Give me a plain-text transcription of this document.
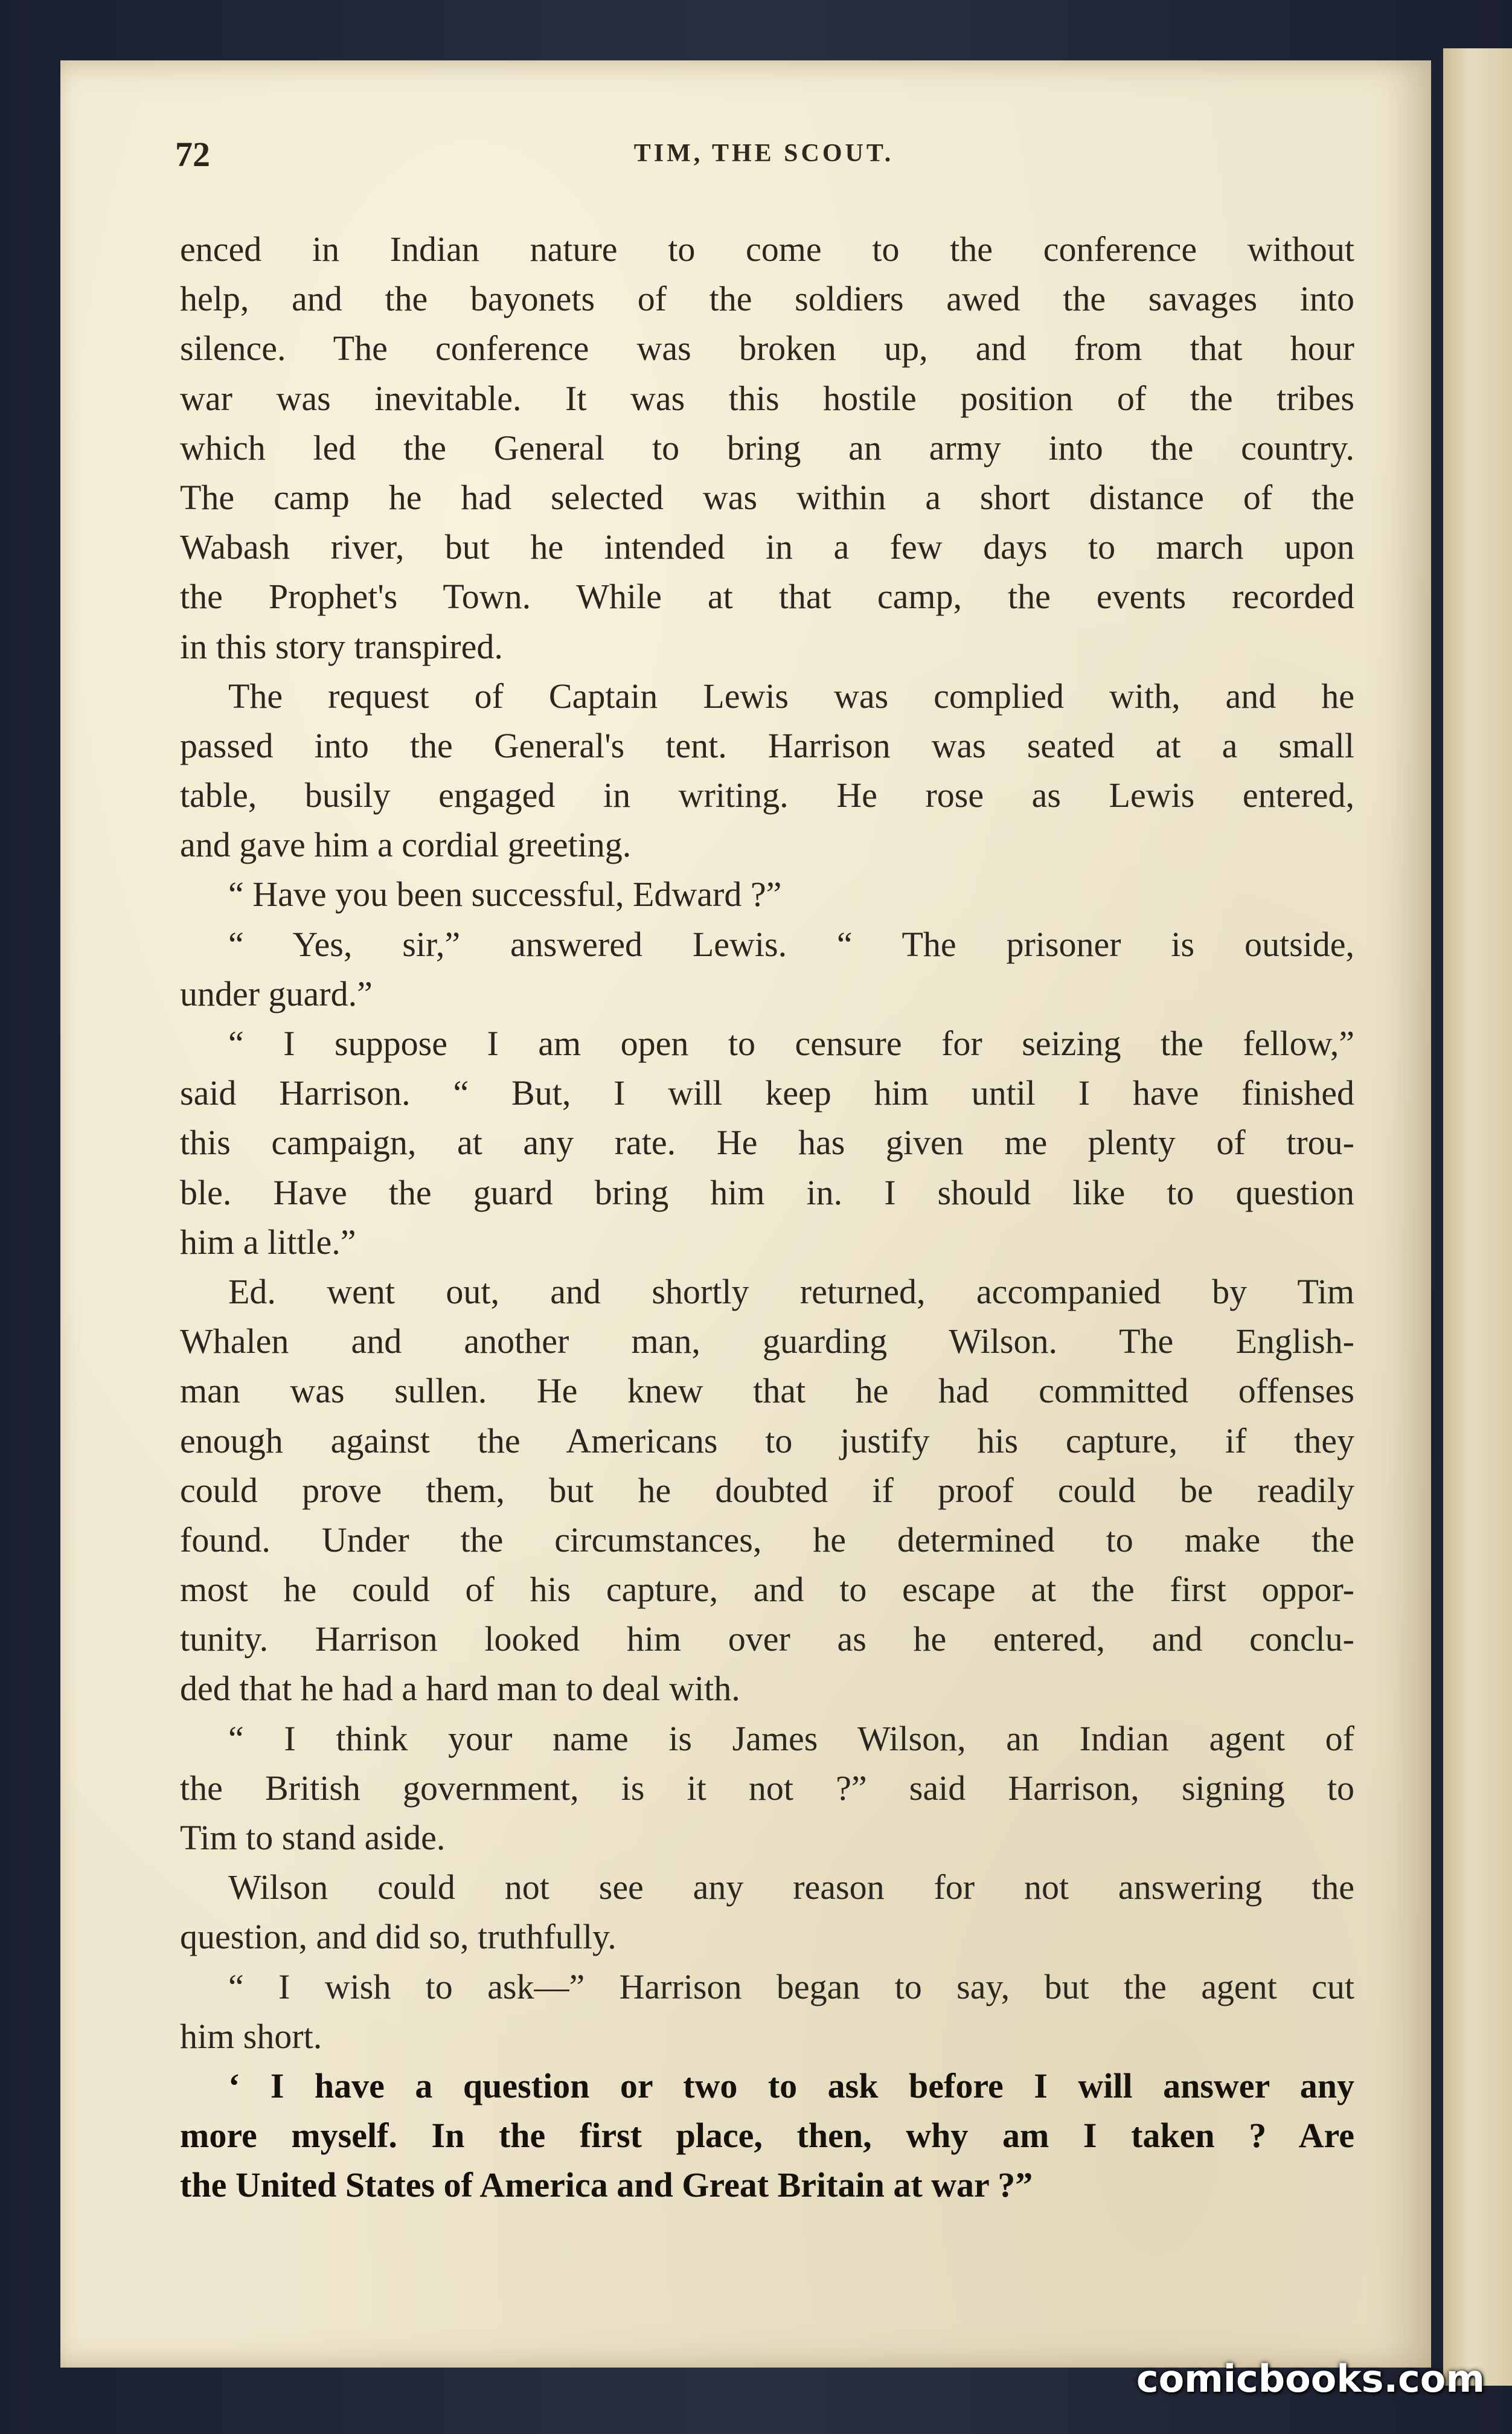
72	TIM, THE SCOUT.
enced in Indian nature to come to the conference without
help, and the bayonets of the soldiers awed the savages into
silence. The conference was broken up, and from that hour
war was inevitable. It was this hostile position of the tribes
which led the General to bring an army into the country.
The camp he had selected was within a short distance of the
Wabash river, but he intended in a few days to march upon
the Prophet's Town. While at that camp, the events recorded
in this story transpired.
The request of Captain Lewis was complied with, and he
passed into the General's tent. Harrison was seated at a small
table, busily engaged in writing. He rose as Lewis entered,
and gave him a cordial greeting.
“ Have you been successful, Edward ?”
“ Yes, sir,” answered Lewis. “ The prisoner is outside,
under guard.”
“ I suppose I am open to censure for seizing the fellow,”
said Harrison. “ But, I will keep him until I have finished
this campaign, at any rate. He has given me plenty of trou-
ble. Have the guard bring him in. I should like to question
him a little.”
Ed. went out, and shortly returned, accompanied by Tim
Whalen and another man, guarding Wilson. The English-
man was sullen. He knew that he had committed offenses
enough against the Americans to justify his capture, if they
could prove them, but he doubted if proof could be readily
found. Under the circumstances, he determined to make the
most he could of his capture, and to escape at the first oppor-
tunity. Harrison looked him over as he entered, and conclu-
ded that he had a hard man to deal with.
“ I think your name is James Wilson, an Indian agent of
the British government, is it not ?” said Harrison, signing to
Tim to stand aside.
Wilson could not see any reason for not answering the
question, and did so, truthfully.
“ I wish to ask—” Harrison began to say, but the agent cut
him short.
‘ I have a question or two to ask before I will answer any
more myself. In the first place, then, why am I taken ? Are
the United States of America and Great Britain at war ?”
comicbooks.com
